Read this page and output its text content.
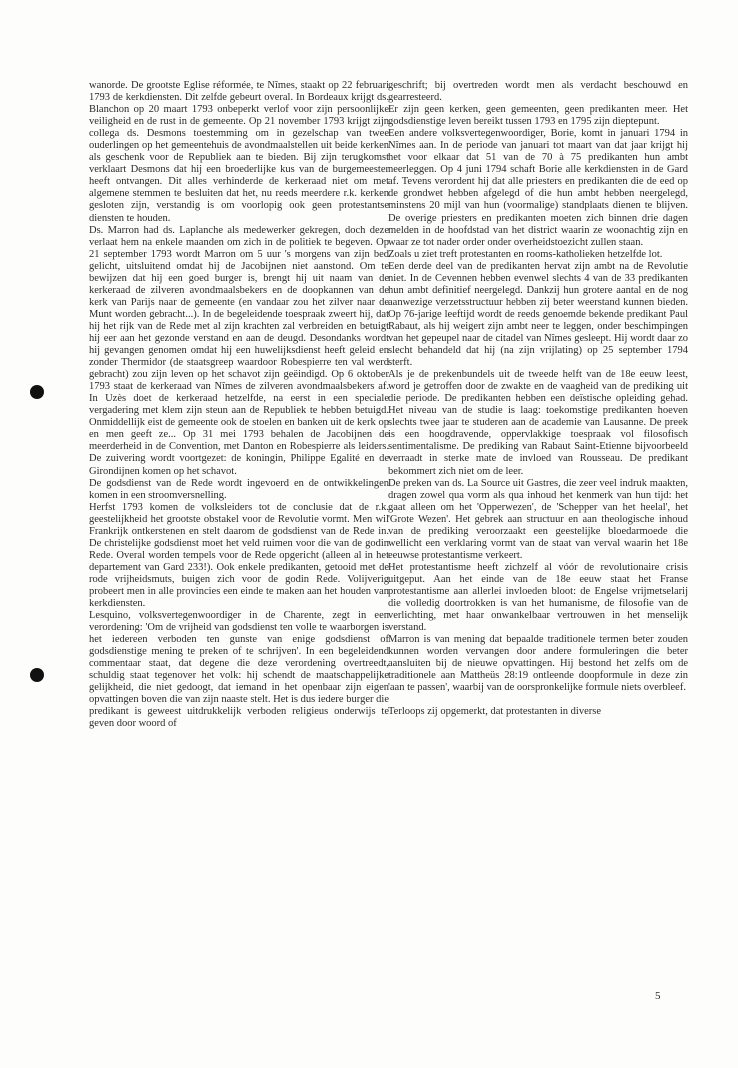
wanorde. De grootste Eglise réformée, te Nîmes, staakt op 22 februari 1793 de kerkdiensten. Dit zelfde gebeurt overal. In Bordeaux krijgt ds. Blanchon op 20 maart 1793 onbeperkt verlof voor zijn persoonlijke veiligheid en de rust in de gemeente. Op 21 november 1793 krijgt zijn collega ds. Desmons toestemming om in gezelschap van twee ouderlingen op het gemeentehuis de avondmaalstellen uit beide kerken als geschenk voor de Republiek aan te bieden. Bij zijn terugkomst verklaart Desmons dat hij een broederlijke kus van de burgemeester heeft ontvangen. Dit alles verhinderde de kerkeraad niet om met algemene stemmen te besluiten dat het, nu reeds meerdere r.k. kerken gesloten zijn, verstandig is om voorlopig ook geen protestantse diensten te houden.

Ds. Marron had ds. Laplanche als medewerker gekregen, doch deze verlaat hem na enkele maanden om zich in de politiek te begeven. Op 21 september 1793 wordt Marron om 5 uur 's morgens van zijn bed gelicht, uitsluitend omdat hij de Jacobijnen niet aanstond. Om te bewijzen dat hij een goed burger is, brengt hij uit naam van de kerkeraad de zilveren avondmaalsbekers en de doopkannen van de kerk van Parijs naar de gemeente (en vandaar zou het zilver naar de Munt worden gebracht...). In de begeleidende toespraak zweert hij, dat hij het rijk van de Rede met al zijn krachten zal verbreiden en betuigt hij eer aan het gezonde verstand en aan de deugd. Desondanks wordt hij gevangen genomen omdat hij een huwelijksdienst heeft geleid en zonder Thermidor (de staatsgreep waardoor Robespierre ten val werd gebracht) zou zijn leven op het schavot zijn geëindigd. Op 6 oktober 1793 staat de kerkeraad van Nîmes de zilveren avondmaalsbekers af. In Uzès doet de kerkeraad hetzelfde, na eerst in een speciale vergadering met klem zijn steun aan de Republiek te hebben betuigd. Onmiddellijk eist de gemeente ook de stoelen en banken uit de kerk op en men geeft ze... Op 31 mei 1793 behalen de Jacobijnen de meerderheid in de Convention, met Danton en Robespierre als leiders. De zuivering wordt voortgezet: de koningin, Philippe Egalité en de Girondijnen komen op het schavot.

De godsdienst van de Rede wordt ingevoerd en de ontwikkelingen komen in een stroomversnelling.

Herfst 1793 komen de volksleiders tot de conclusie dat de r.k. geestelijkheid het grootste obstakel voor de Revolutie vormt. Men wil Frankrijk ontkerstenen en stelt daarom de godsdienst van de Rede in. De christelijke godsdienst moet het veld ruimen voor die van de godin Rede. Overal worden tempels voor de Rede opgericht (alleen al in het departement van Gard 233!). Ook enkele predikanten, getooid met de rode vrijheidsmuts, buigen zich voor de godin Rede. Volijverig probeert men in alle provincies een einde te maken aan het houden van kerkdiensten.

Lesquino, volksvertegenwoordiger in de Charente, zegt in een verordening: 'Om de vrijheid van godsdienst ten volle te waarborgen is het iedereen verboden ten gunste van enige godsdienst of godsdienstige mening te preken of te schrijven'. In een begeleidend commentaar staat, dat degene die deze verordening overtreedt, schuldig staat tegenover het volk: hij schendt de maatschappelijke gelijkheid, die niet gedoogt, dat iemand in het openbaar zijn eigen opvattingen boven die van zijn naaste stelt. Het is dus iedere burger die predikant is geweest uitdrukkelijk verboden religieus onderwijs te geven door woord of

geschrift; bij overtreden wordt men als verdacht beschouwd en gearresteerd.

Er zijn geen kerken, geen gemeenten, geen predikanten meer. Het godsdienstige leven bereikt tussen 1793 en 1795 zijn dieptepunt.

Een andere volksvertegenwoordiger, Borie, komt in januari 1794 in Nîmes aan. In de periode van januari tot maart van dat jaar krijgt hij het voor elkaar dat 51 van de 70 à 75 predikanten hun ambt neerleggen. Op 4 juni 1794 schaft Borie alle kerkdiensten in de Gard af. Tevens verordent hij dat alle priesters en predikanten die de eed op de grondwet hebben afgelegd of die hun ambt hebben neergelegd, minstens 20 mijl van hun (voormalige) standplaats dienen te blijven. De overige priesters en predikanten moeten zich binnen drie dagen melden in de hoofdstad van het district waarin ze woonachtig zijn en waar ze tot nader order onder overheidstoezicht zullen staan.

Zoals u ziet treft protestanten en rooms-katholieken hetzelfde lot.

Een derde deel van de predikanten hervat zijn ambt na de Revolutie niet. In de Cevennen hebben evenwel slechts 4 van de 33 predikanten hun ambt definitief neergelegd. Dankzij hun grotere aantal en de nog aanwezige verzetsstructuur hebben zij beter weerstand kunnen bieden. Op 76-jarige leeftijd wordt de reeds genoemde bekende predikant Paul Rabaut, als hij weigert zijn ambt neer te leggen, onder beschimpingen van het gepeupel naar de citadel van Nîmes gesleept. Hij wordt daar zo slecht behandeld dat hij (na zijn vrijlating) op 25 september 1794 sterft.

Als je de prekenbundels uit de tweede helft van de 18e eeuw leest, word je getroffen door de zwakte en de vaagheid van de prediking uit die periode. De predikanten hebben een deïstische opleiding gehad. Het niveau van de studie is laag: toekomstige predikanten hoeven slechts twee jaar te studeren aan de academie van Lausanne. De preek is een hoogdravende, oppervlakkige toespraak vol filosofisch sentimentalisme. De prediking van Rabaut Saint-Etienne bijvoorbeeld verraadt in sterke mate de invloed van Rousseau. De predikant bekommert zich niet om de leer.

De preken van ds. La Source uit Gastres, die zeer veel indruk maakten, dragen zowel qua vorm als qua inhoud het kenmerk van hun tijd: het gaat alleen om het 'Opperwezen', de 'Schepper van het heelal', het 'Grote Wezen'. Het gebrek aan structuur en aan theologische inhoud van de prediking veroorzaakt een geestelijke bloedarmoede die wellicht een verklaring vormt van de staat van verval waarin het 18e eeuwse protestantisme verkeert.

Het protestantisme heeft zichzelf al vóór de revolutionaire crisis uitgeput. Aan het einde van de 18e eeuw staat het Franse protestantisme aan allerlei invloeden bloot: de Engelse vrijmetselarij die volledig doortrokken is van het humanisme, de filosofie van de verlichting, met haar onwankelbaar vertrouwen in het menselijk verstand.

Marron is van mening dat bepaalde traditionele termen beter zouden kunnen worden vervangen door andere formuleringen die beter aansluiten bij de nieuwe opvattingen. Hij bestond het zelfs om de traditionele aan Mattheüs 28:19 ontleende doopformule in deze zin 'aan te passen', waarbij van de oorspronkelijke formule niets overbleef.

Terloops zij opgemerkt, dat protestanten in diverse

5
